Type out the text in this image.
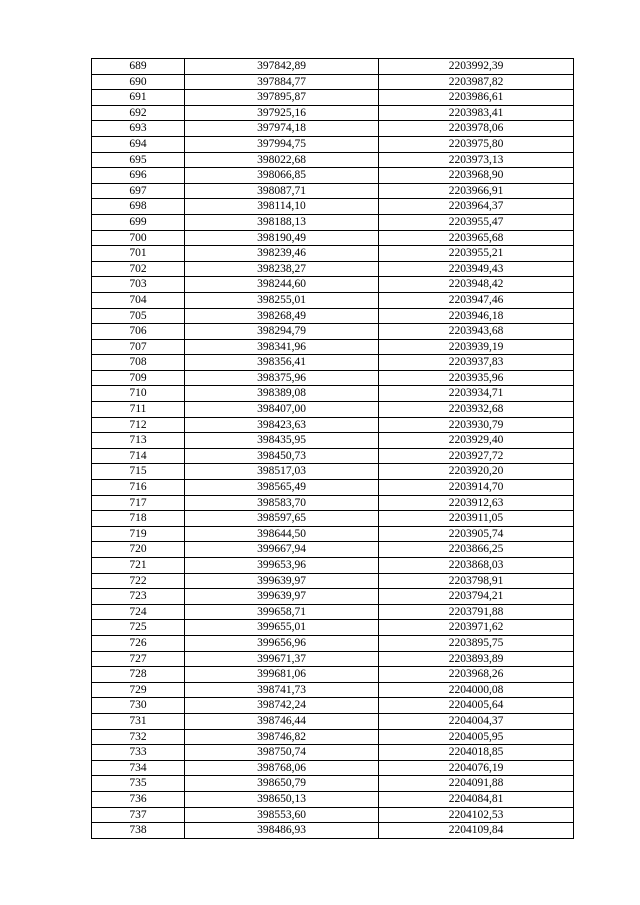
689	397842,89	2203992,39
690	397884,77	2203987,82
691	397895,87	2203986,61
692	397925,16	2203983,41
693	397974,18	2203978,06
694	397994,75	2203975,80
695	398022,68	2203973,13
696	398066,85	2203968,90
697	398087,71	2203966,91
698	398114,10	2203964,37
699	398188,13	2203955,47
700	398190,49	2203965,68
701	398239,46	2203955,21
702	398238,27	2203949,43
703	398244,60	2203948,42
704	398255,01	2203947,46
705	398268,49	2203946,18
706	398294,79	2203943,68
707	398341,96	2203939,19
708	398356,41	2203937,83
709	398375,96	2203935,96
710	398389,08	2203934,71
711	398407,00	2203932,68
712	398423,63	2203930,79
713	398435,95	2203929,40
714	398450,73	2203927,72
715	398517,03	2203920,20
716	398565,49	2203914,70
717	398583,70	2203912,63
718	398597,65	2203911,05
719	398644,50	2203905,74
720	399667,94	2203866,25
721	399653,96	2203868,03
722	399639,97	2203798,91
723	399639,97	2203794,21
724	399658,71	2203791,88
725	399655,01	2203971,62
726	399656,96	2203895,75
727	399671,37	2203893,89
728	399681,06	2203968,26
729	398741,73	2204000,08
730	398742,24	2204005,64
731	398746,44	2204004,37
732	398746,82	2204005,95
733	398750,74	2204018,85
734	398768,06	2204076,19
735	398650,79	2204091,88
736	398650,13	2204084,81
737	398553,60	2204102,53
738	398486,93	2204109,84
